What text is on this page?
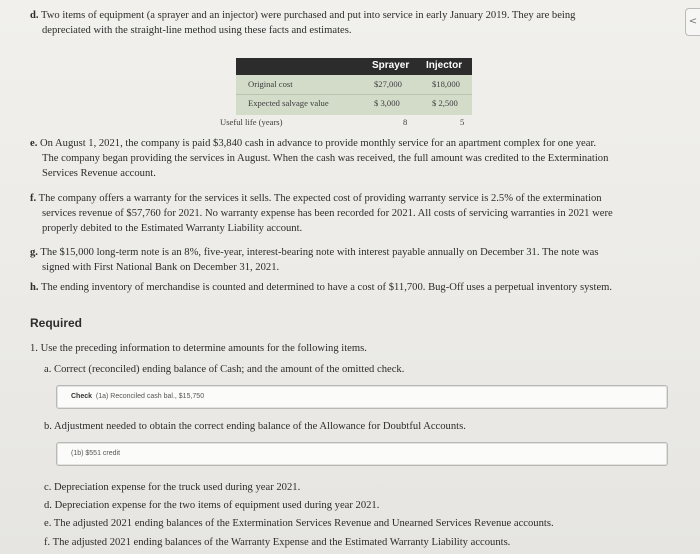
<

d. Two items of equipment (a sprayer and an injector) were purchased and put into service in early January 2019. They are being
depreciated with the straight-line method using these facts and estimates.

Sprayer Injector
Original cost	$27,000	$18,000
Expected salvage value	$ 3,000	$ 2,500
Useful life (years)	8	5

e. On August 1, 2021, the company is paid $3,840 cash in advance to provide monthly service for an apartment complex for one year.
The company began providing the services in August. When the cash was received, the full amount was credited to the Extermination
Services Revenue account.

f. The company offers a warranty for the services it sells. The expected cost of providing warranty service is 2.5% of the extermination
services revenue of $57,760 for 2021. No warranty expense has been recorded for 2021. All costs of servicing warranties in 2021 were
properly debited to the Estimated Warranty Liability account.

g. The $15,000 long-term note is an 8%, five-year, interest-bearing note with interest payable annually on December 31. The note was
signed with First National Bank on December 31, 2021.

h. The ending inventory of merchandise is counted and determined to have a cost of $11,700. Bug-Off uses a perpetual inventory system.

Required

1. Use the preceding information to determine amounts for the following items.

a. Correct (reconciled) ending balance of Cash; and the amount of the omitted check.

Check (1a) Reconciled cash bal., $15,750

b. Adjustment needed to obtain the correct ending balance of the Allowance for Doubtful Accounts.

(1b) $551 credit

c. Depreciation expense for the truck used during year 2021.

d. Depreciation expense for the two items of equipment used during year 2021.

e. The adjusted 2021 ending balances of the Extermination Services Revenue and Unearned Services Revenue accounts.

f. The adjusted 2021 ending balances of the Warranty Expense and the Estimated Warranty Liability accounts.
